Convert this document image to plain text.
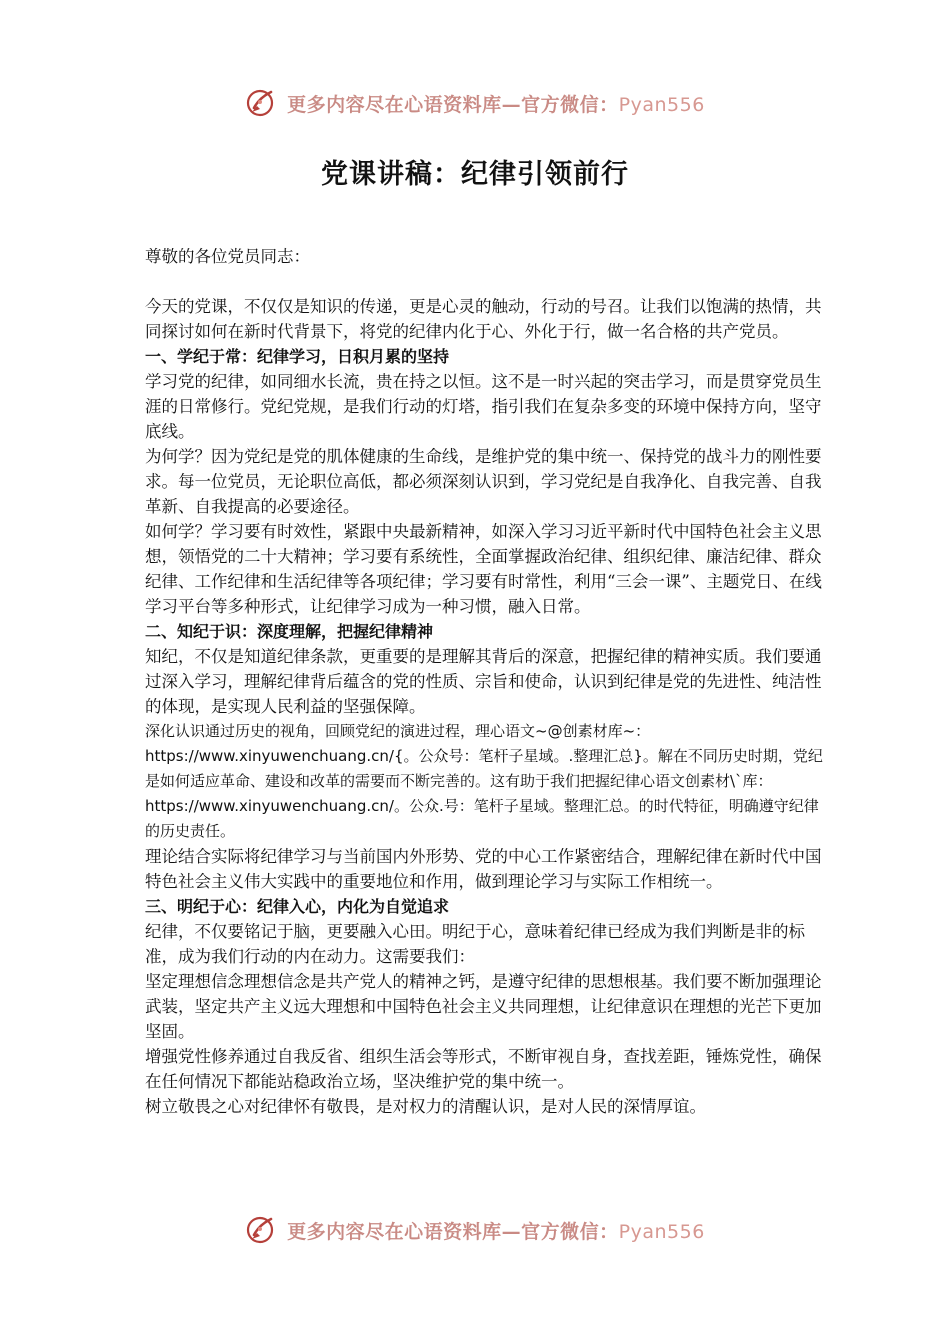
更多内容尽在心语资料库—官方微信：Pyan556
党课讲稿：纪律引领前行

尊敬的各位党员同志：

今天的党课，不仅仅是知识的传递，更是心灵的触动，行动的号召。让我们以饱满的热情，共同探讨如何在新时代背景下，将党的纪律内化于心、外化于行，做一名合格的共产党员。

一、学纪于常：纪律学习，日积月累的坚持

学习党的纪律，如同细水长流，贵在持之以恒。这不是一时兴起的突击学习，而是贯穿党员生涯的日常修行。党纪党规，是我们行动的灯塔，指引我们在复杂多变的环境中保持方向，坚守底线。

为何学？因为党纪是党的肌体健康的生命线，是维护党的集中统一、保持党的战斗力的刚性要求。每一位党员，无论职位高低，都必须深刻认识到，学习党纪是自我净化、自我完善、自我革新、自我提高的必要途径。

如何学？学习要有时效性，紧跟中央最新精神，如深入学习习近平新时代中国特色社会主义思想，领悟党的二十大精神；学习要有系统性，全面掌握政治纪律、组织纪律、廉洁纪律、群众纪律、工作纪律和生活纪律等各项纪律；学习要有时常性，利用“三会一课”、主题党日、在线学习平台等多种形式，让纪律学习成为一种习惯，融入日常。

二、知纪于识：深度理解，把握纪律精神

知纪，不仅是知道纪律条款，更重要的是理解其背后的深意，把握纪律的精神实质。我们要通过深入学习，理解纪律背后蕴含的党的性质、宗旨和使命，认识到纪律是党的先进性、纯洁性的体现，是实现人民利益的坚强保障。

深化认识通过历史的视角，回顾党纪的演进过程，理心语文~@创素材库~：https://www.xinyuwenchuang.cn/{。公众号：笔杆子星域。.整理汇总}。解在不同历史时期，党纪是如何适应革命、建设和改革的需要而不断完善的。这有助于我们把握纪律心语文创素材\`库：https://www.xinyuwenchuang.cn/。公众.号：笔杆子星域。整理汇总。的时代特征，明确遵守纪律的历史责任。

理论结合实际将纪律学习与当前国内外形势、党的中心工作紧密结合，理解纪律在新时代中国特色社会主义伟大实践中的重要地位和作用，做到理论学习与实际工作相统一。

三、明纪于心：纪律入心，内化为自觉追求

纪律，不仅要铭记于脑，更要融入心田。明纪于心，意味着纪律已经成为我们判断是非的标准，成为我们行动的内在动力。这需要我们：

坚定理想信念理想信念是共产党人的精神之钙，是遵守纪律的思想根基。我们要不断加强理论武装，坚定共产主义远大理想和中国特色社会主义共同理想，让纪律意识在理想的光芒下更加坚固。

增强党性修养通过自我反省、组织生活会等形式，不断审视自身，查找差距，锤炼党性，确保在任何情况下都能站稳政治立场，坚决维护党的集中统一。

树立敬畏之心对纪律怀有敬畏，是对权力的清醒认识，是对人民的深情厚谊。

更多内容尽在心语资料库—官方微信：Pyan556
